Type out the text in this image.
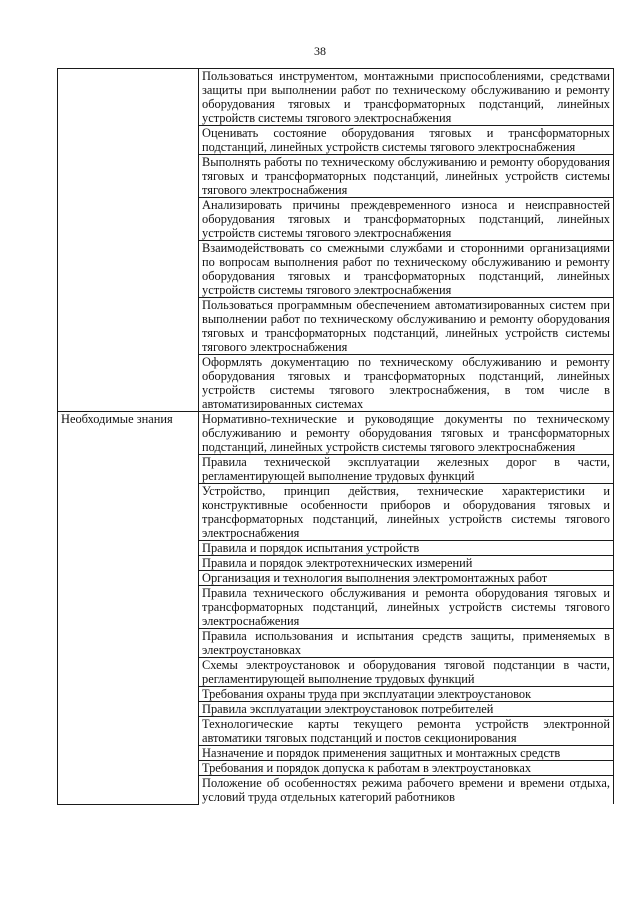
38

	Пользоваться инструментом, монтажными приспособлениями, средствами защиты при выполнении работ по техническому обслуживанию и ремонту оборудования тяговых и трансформаторных подстанций, линейных устройств системы тягового электроснабжения

	Оценивать состояние оборудования тяговых и трансформаторных подстанций, линейных устройств системы тягового электроснабжения

	Выполнять работы по техническому обслуживанию и ремонту оборудования тяговых и трансформаторных подстанций, линейных устройств системы тягового электроснабжения

	Анализировать причины преждевременного износа и неисправностей оборудования тяговых и трансформаторных подстанций, линейных устройств системы тягового электроснабжения

	Взаимодействовать со смежными службами и сторонними организациями по вопросам выполнения работ по техническому обслуживанию и ремонту оборудования тяговых и трансформаторных подстанций, линейных устройств системы тягового электроснабжения

	Пользоваться программным обеспечением автоматизированных систем при выполнении работ по техническому обслуживанию и ремонту оборудования тяговых и трансформаторных подстанций, линейных устройств системы тягового электроснабжения

	Оформлять документацию по техническому обслуживанию и ремонту оборудования тяговых и трансформаторных подстанций, линейных устройств системы тягового электроснабжения, в том числе в автоматизированных системах

Необходимые знания	Нормативно-технические и руководящие документы по техническому обслуживанию и ремонту оборудования тяговых и трансформаторных подстанций, линейных устройств системы тягового электроснабжения

	Правила технической эксплуатации железных дорог в части, регламентирующей выполнение трудовых функций

	Устройство, принцип действия, технические характеристики и конструктивные особенности приборов и оборудования тяговых и трансформаторных подстанций, линейных устройств системы тягового электроснабжения

	Правила и порядок испытания устройств

	Правила и порядок электротехнических измерений

	Организация и технология выполнения электромонтажных работ

	Правила технического обслуживания и ремонта оборудования тяговых и трансформаторных подстанций, линейных устройств системы тягового электроснабжения

	Правила использования и испытания средств защиты, применяемых в электроустановках

	Схемы электроустановок и оборудования тяговой подстанции в части, регламентирующей выполнение трудовых функций

	Требования охраны труда при эксплуатации электроустановок

	Правила эксплуатации электроустановок потребителей

	Технологические карты текущего ремонта устройств электронной автоматики тяговых подстанций и постов секционирования

	Назначение и порядок применения защитных и монтажных средств

	Требования и порядок допуска к работам в электроустановках

	Положение об особенностях режима рабочего времени и времени отдыха, условий труда отдельных категорий работников
